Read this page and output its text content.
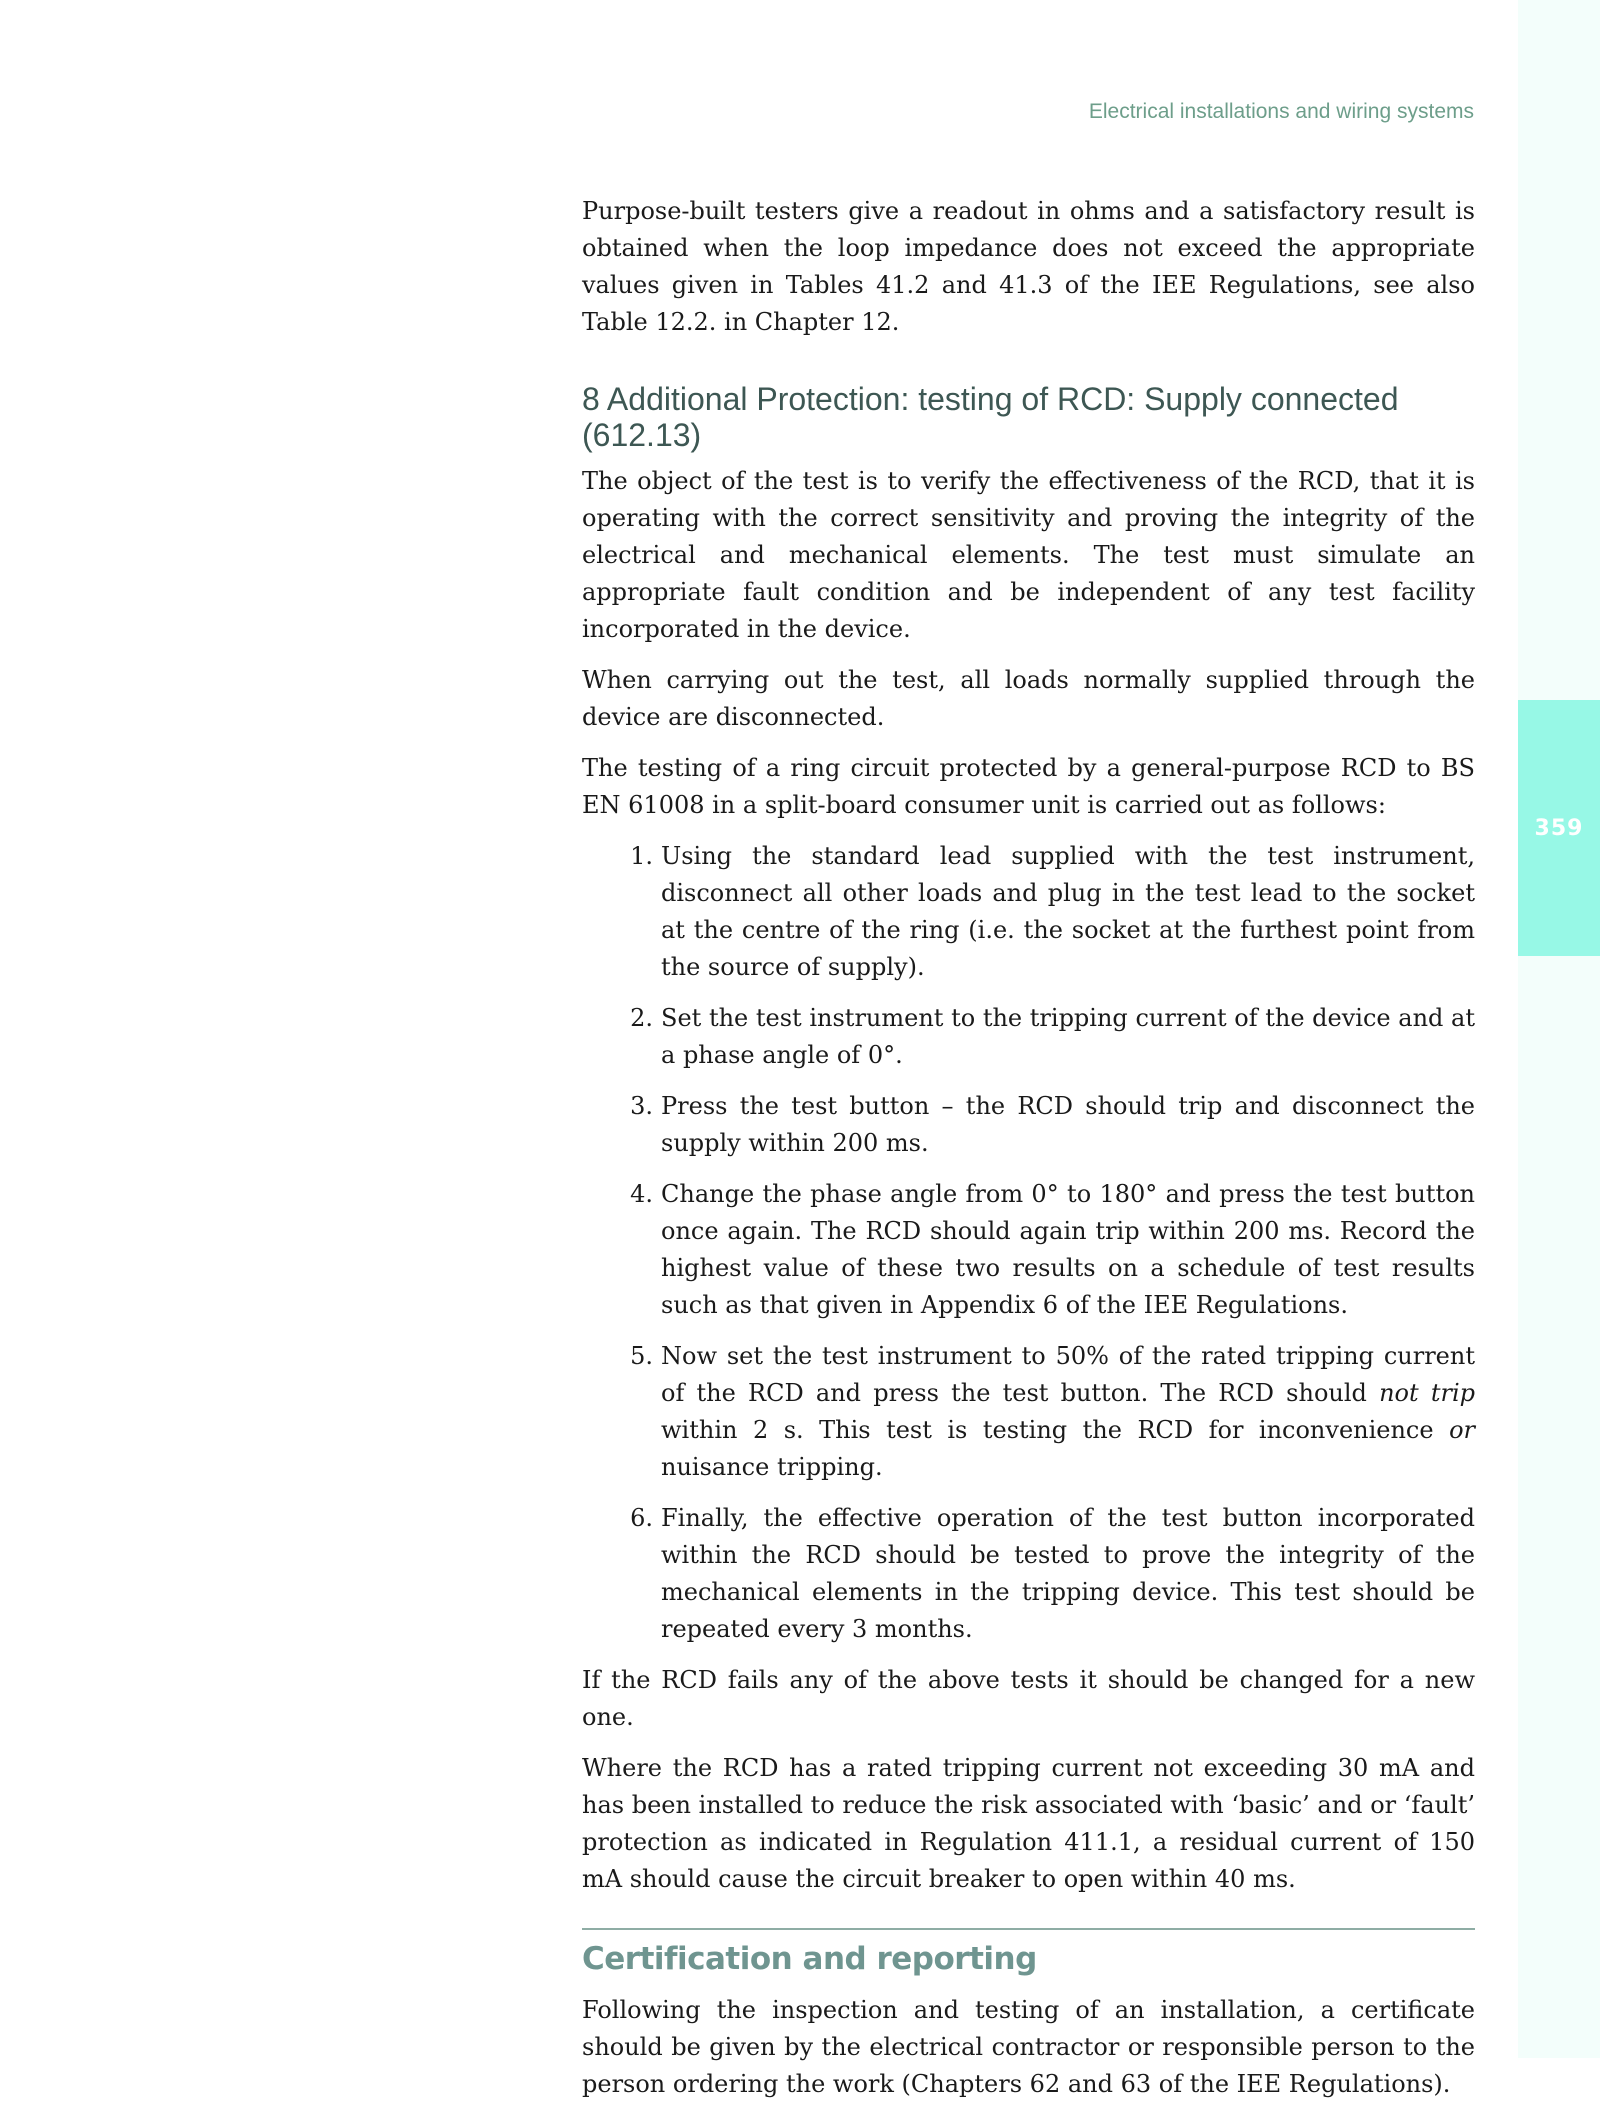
359
Electrical installations and wiring systems

Purpose-built testers give a readout in ohms and a satisfactory result is obtained when the loop impedance does not exceed the appropriate values given in Tables 41.2 and 41.3 of the IEE Regulations, see also Table 12.2. in Chapter 12.

8 Additional Protection: testing of RCD: Supply connected (612.13)

The object of the test is to verify the effectiveness of the RCD, that it is operating with the correct sensitivity and proving the integrity of the electrical and mechanical elements. The test must simulate an appropriate fault condition and be independent of any test facility incorporated in the device.

When carrying out the test, all loads normally supplied through the device are disconnected.

The testing of a ring circuit protected by a general-purpose RCD to BS EN 61008 in a split-board consumer unit is carried out as follows:

1. Using the standard lead supplied with the test instrument, disconnect all other loads and plug in the test lead to the socket at the centre of the ring (i.e. the socket at the furthest point from the source of supply).
2. Set the test instrument to the tripping current of the device and at a phase angle of 0°.
3. Press the test button – the RCD should trip and disconnect the supply within 200 ms.
4. Change the phase angle from 0° to 180° and press the test button once again. The RCD should again trip within 200 ms. Record the highest value of these two results on a schedule of test results such as that given in Appendix 6 of the IEE Regulations.
5. Now set the test instrument to 50% of the rated tripping current of the RCD and press the test button. The RCD should not trip within 2 s. This test is testing the RCD for inconvenience or nuisance tripping.
6. Finally, the effective operation of the test button incorporated within the RCD should be tested to prove the integrity of the mechanical elements in the tripping device. This test should be repeated every 3 months.

If the RCD fails any of the above tests it should be changed for a new one.

Where the RCD has a rated tripping current not exceeding 30 mA and has been installed to reduce the risk associated with ‘basic’ and or ‘fault’ protection as indicated in Regulation 411.1, a residual current of 150 mA should cause the circuit breaker to open within 40 ms.

Certification and reporting

Following the inspection and testing of an installation, a certificate should be given by the electrical contractor or responsible person to the person ordering the work (Chapters 62 and 63 of the IEE Regulations).
